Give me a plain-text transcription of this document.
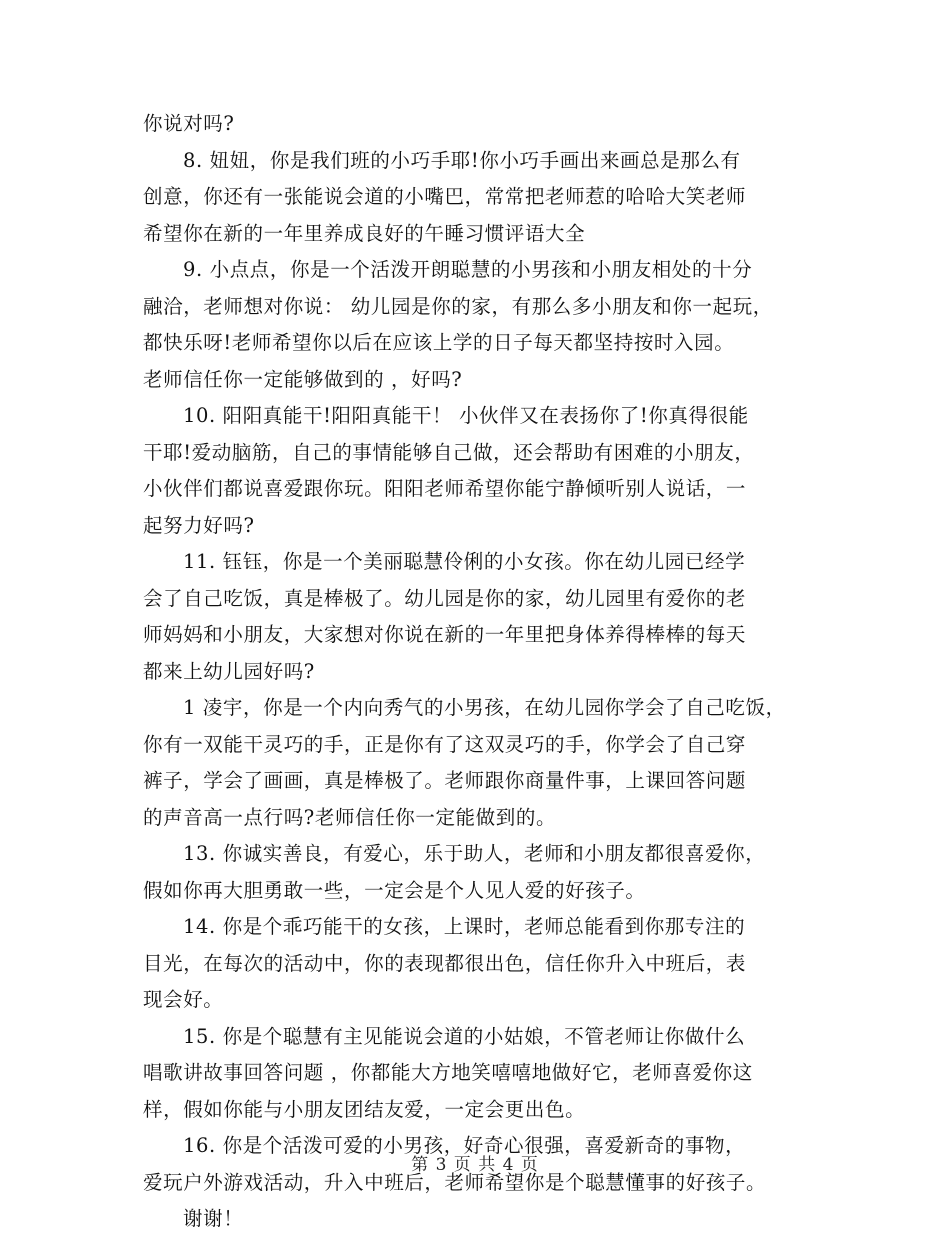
你说对吗?
8. 妞妞，你是我们班的小巧手耶!你小巧手画出来画总是那么有
创意，你还有一张能说会道的小嘴巴，常常把老师惹的哈哈大笑老师
希望你在新的一年里养成良好的午睡习惯评语大全
9. 小点点，你是一个活泼开朗聪慧的小男孩和小朋友相处的十分
融洽，老师想对你说： 幼儿园是你的家，有那么多小朋友和你一起玩，
都快乐呀!老师希望你以后在应该上学的日子每天都坚持按时入园。
老师信任你一定能够做到的 ，好吗?
10. 阳阳真能干!阳阳真能干！ 小伙伴又在表扬你了!你真得很能
干耶!爱动脑筋，自己的事情能够自己做，还会帮助有困难的小朋友，
小伙伴们都说喜爱跟你玩。阳阳老师希望你能宁静倾听别人说话，一
起努力好吗?
11. 钰钰，你是一个美丽聪慧伶俐的小女孩。你在幼儿园已经学
会了自己吃饭，真是棒极了。幼儿园是你的家，幼儿园里有爱你的老
师妈妈和小朋友，大家想对你说在新的一年里把身体养得棒棒的每天
都来上幼儿园好吗?
1 凌宇，你是一个内向秀气的小男孩，在幼儿园你学会了自己吃饭，
你有一双能干灵巧的手，正是你有了这双灵巧的手，你学会了自己穿
裤子，学会了画画，真是棒极了。老师跟你商量件事，上课回答问题
的声音高一点行吗?老师信任你一定能做到的。
13. 你诚实善良，有爱心，乐于助人，老师和小朋友都很喜爱你，
假如你再大胆勇敢一些，一定会是个人见人爱的好孩子。
14. 你是个乖巧能干的女孩，上课时，老师总能看到你那专注的
目光，在每次的活动中，你的表现都很出色，信任你升入中班后，表
现会好。
15. 你是个聪慧有主见能说会道的小姑娘，不管老师让你做什么
唱歌讲故事回答问题 ，你都能大方地笑嘻嘻地做好它，老师喜爱你这
样，假如你能与小朋友团结友爱，一定会更出色。
16. 你是个活泼可爱的小男孩，好奇心很强，喜爱新奇的事物，
爱玩户外游戏活动，升入中班后，老师希望你是个聪慧懂事的好孩子。
谢谢！
第 3 页 共 4 页
